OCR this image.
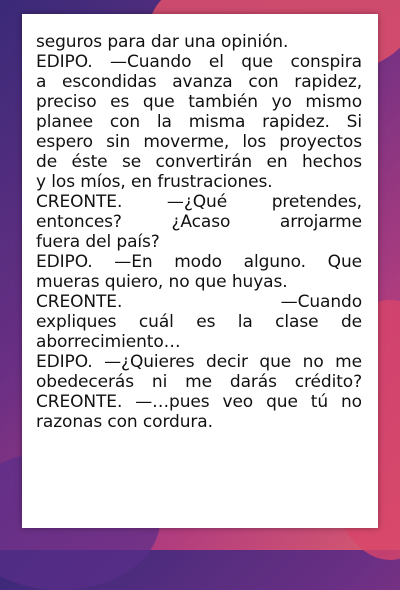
seguros para dar una opinión.
EDIPO. —Cuando el que conspira
a escondidas avanza con rapidez,
preciso es que también yo mismo
planee con la misma rapidez. Si
espero sin moverme, los proyectos
de éste se convertirán en hechos
y los míos, en frustraciones.
CREONTE. —¿Qué pretendes,
entonces? ¿Acaso arrojarme
fuera del país?
EDIPO. —En modo alguno. Que
mueras quiero, no que huyas.
CREONTE. —Cuando
expliques cuál es la clase de
aborrecimiento…
EDIPO. —¿Quieres decir que no me
obedecerás ni me darás crédito?
CREONTE. —…pues veo que tú no
razonas con cordura.
